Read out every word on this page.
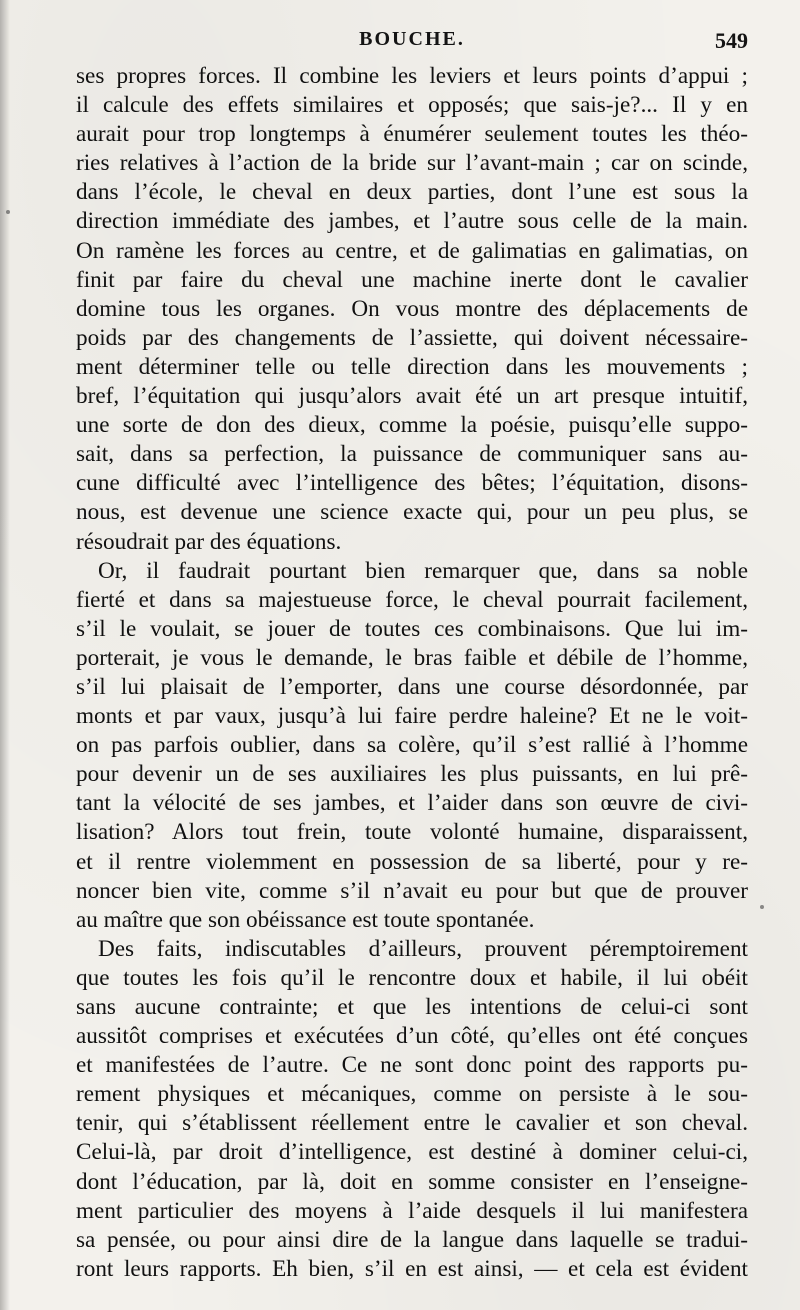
BOUCHE.	549
ses propres forces. Il combine les leviers et leurs points d’appui ;
il calcule des effets similaires et opposés; que sais-je?... Il y en
aurait pour trop longtemps à énumérer seulement toutes les théo-
ries relatives à l’action de la bride sur l’avant-main ; car on scinde,
dans l’école, le cheval en deux parties, dont l’une est sous la
direction immédiate des jambes, et l’autre sous celle de la main.
On ramène les forces au centre, et de galimatias en galimatias, on
finit par faire du cheval une machine inerte dont le cavalier
domine tous les organes. On vous montre des déplacements de
poids par des changements de l’assiette, qui doivent nécessaire-
ment déterminer telle ou telle direction dans les mouvements ;
bref, l’équitation qui jusqu’alors avait été un art presque intuitif,
une sorte de don des dieux, comme la poésie, puisqu’elle suppo-
sait, dans sa perfection, la puissance de communiquer sans au-
cune difficulté avec l’intelligence des bêtes; l’équitation, disons-
nous, est devenue une science exacte qui, pour un peu plus, se
résoudrait par des équations.
Or, il faudrait pourtant bien remarquer que, dans sa noble
fierté et dans sa majestueuse force, le cheval pourrait facilement,
s’il le voulait, se jouer de toutes ces combinaisons. Que lui im-
porterait, je vous le demande, le bras faible et débile de l’homme,
s’il lui plaisait de l’emporter, dans une course désordonnée, par
monts et par vaux, jusqu’à lui faire perdre haleine? Et ne le voit-
on pas parfois oublier, dans sa colère, qu’il s’est rallié à l’homme
pour devenir un de ses auxiliaires les plus puissants, en lui prê-
tant la vélocité de ses jambes, et l’aider dans son œuvre de civi-
lisation? Alors tout frein, toute volonté humaine, disparaissent,
et il rentre violemment en possession de sa liberté, pour y re-
noncer bien vite, comme s’il n’avait eu pour but que de prouver
au maître que son obéissance est toute spontanée.
Des faits, indiscutables d’ailleurs, prouvent péremptoirement
que toutes les fois qu’il le rencontre doux et habile, il lui obéit
sans aucune contrainte; et que les intentions de celui-ci sont
aussitôt comprises et exécutées d’un côté, qu’elles ont été conçues
et manifestées de l’autre. Ce ne sont donc point des rapports pu-
rement physiques et mécaniques, comme on persiste à le sou-
tenir, qui s’établissent réellement entre le cavalier et son cheval.
Celui-là, par droit d’intelligence, est destiné à dominer celui-ci,
dont l’éducation, par là, doit en somme consister en l’enseigne-
ment particulier des moyens à l’aide desquels il lui manifestera
sa pensée, ou pour ainsi dire de la langue dans laquelle se tradui-
ront leurs rapports. Eh bien, s’il en est ainsi, — et cela est évident
